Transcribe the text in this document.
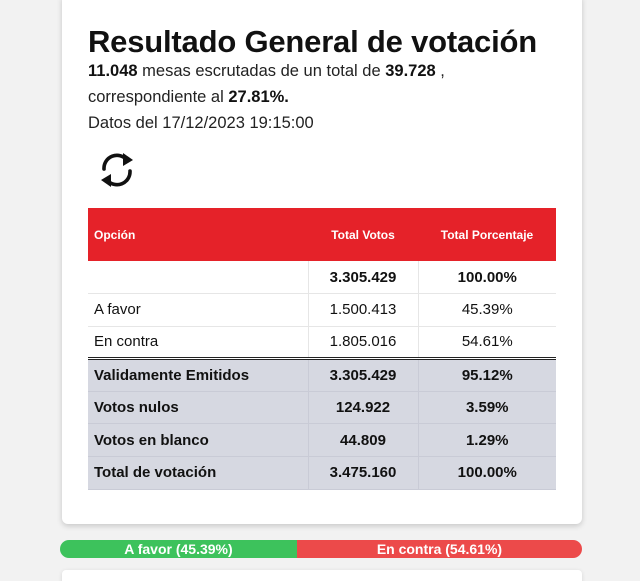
Resultado General de votación
11.048 mesas escrutadas de un total de 39.728 ,
correspondiente al 27.81%.
Datos del 17/12/2023 19:15:00
Opción	Total Votos	Total Porcentaje
	3.305.429	100.00%
A favor	1.500.413	45.39%
En contra	1.805.016	54.61%
Validamente Emitidos	3.305.429	95.12%
Votos nulos	124.922	3.59%
Votos en blanco	44.809	1.29%
Total de votación	3.475.160	100.00%
A favor (45.39%)	En contra (54.61%)
